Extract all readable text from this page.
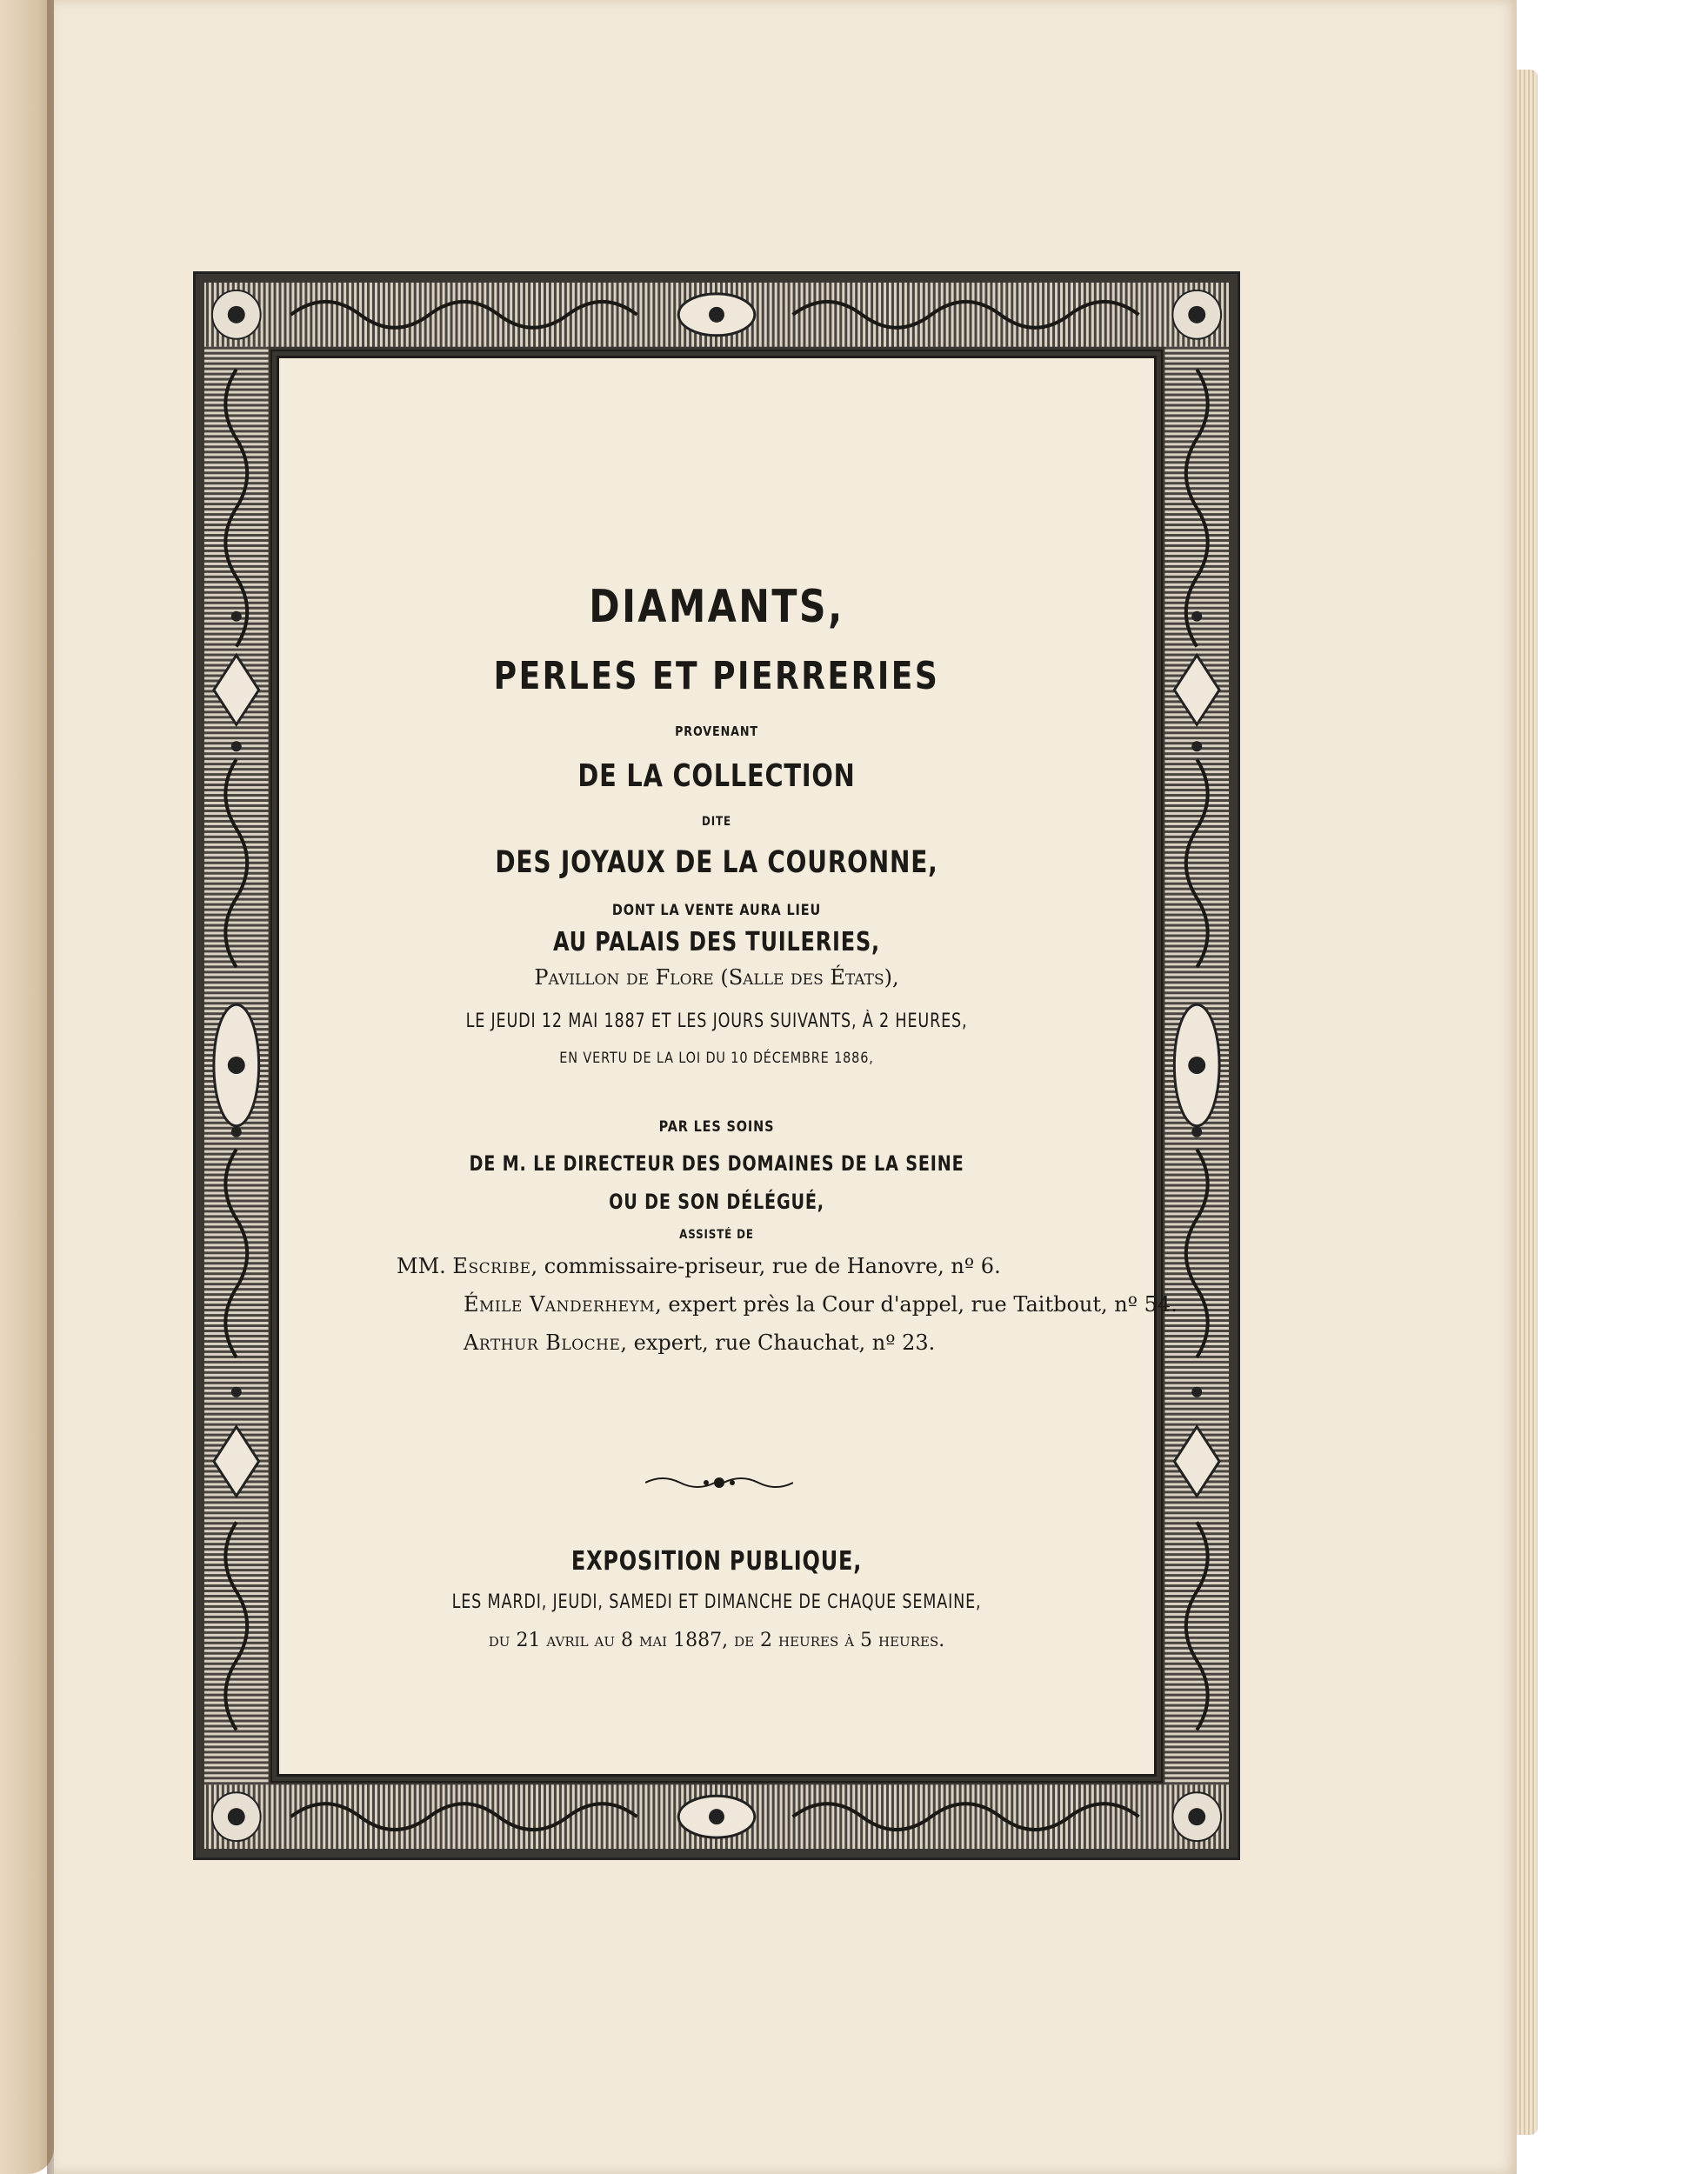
DIAMANTS,
PERLES ET PIERRERIES
PROVENANT
DE LA COLLECTION
DITE
DES JOYAUX DE LA COURONNE,
DONT LA VENTE AURA LIEU
AU PALAIS DES TUILERIES,
Pavillon de Flore (Salle des États),
LE JEUDI 12 MAI 1887 ET LES JOURS SUIVANTS, À 2 HEURES,
EN VERTU DE LA LOI DU 10 DÉCEMBRE 1886,
PAR LES SOINS
DE M. LE DIRECTEUR DES DOMAINES DE LA SEINE
OU DE SON DÉLÉGUÉ,
ASSISTÉ DE
MM. Escribe, commissaire-priseur, rue de Hanovre, nº 6.
Émile Vanderheym, expert près la Cour d'appel, rue Taitbout, nº 54.
Arthur Bloche, expert, rue Chauchat, nº 23.
EXPOSITION PUBLIQUE,
LES MARDI, JEUDI, SAMEDI ET DIMANCHE DE CHAQUE SEMAINE,
du 21 avril au 8 mai 1887, de 2 heures à 5 heures.
